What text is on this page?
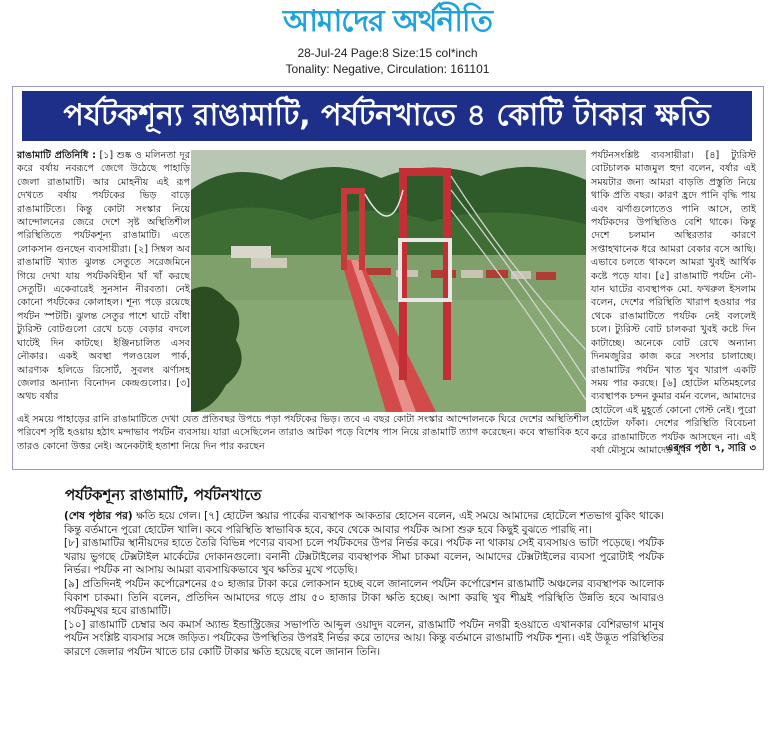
আমাদের অর্থনীতি
28-Jul-24 Page:8 Size:15 col*inch
Tonality: Negative, Circulation: 161101
পর্যটকশূন্য রাঙামাটি, পর্যটনখাতে ৪ কোটি টাকার ক্ষতি
রাঙামাটি প্রতিনিধি : [১] শুষ্ক ও মলিনতা দূর করে বর্ষায় নবরূপে জেগে উঠেছে পাহাড়ি জেলা রাঙামাটি। আর মোহনীয় এই রূপ দেখতে বর্ষায় পর্যটকের ভিড় বাড়ে রাঙামাটিতে। কিন্তু কোটা সংস্কার নিয়ে আন্দোলনের জেরে দেশে সৃষ্ট অস্থিতিশীল পরিস্থিতিতে পর্যটকশূন্য রাঙামাটি। এতে লোকসান গুনছেন ব্যবসায়ীরা। [২] সিম্বল অব রাঙামাটি খ্যাত ঝুলন্ত সেতুতে সরেজমিনে গিয়ে দেখা যায় পর্যটকবিহীন খাঁ খাঁ করছে সেতুটি। একেবারেই সুনসান নীরবতা। নেই কোনো পর্যটকের কোলাহল। শূন্য পড়ে রয়েছে পর্যটন স্পটটি। ঝুলন্ত সেতুর পাশে ঘাটে বাঁধা ট্যুরিস্ট বোটগুলো রেখে চড়ে বেড়ার বদলে ঘাটেই দিন কাটছে। ইঞ্জিনচালিত এসব নৌকার। একই অবস্থা পলওয়েল পার্ক, আরণ্যক হলিডে রিসোর্ট, সুবলং ঝর্ণাসহ জেলার অন্যান্য বিনোদন কেন্দ্রগুলোর। [৩] অথচ বর্ষার
এই সময়ে পাহাড়ের রানি রাঙামাটিতে দেখা যেত প্রতিবছর উপচে পড়া পর্যটকের ভিড়। তবে এ বছর কোটা সংস্কার আন্দোলনকে ঘিরে দেশের অস্থিতিশীল পরিবেশ সৃষ্টি হওয়ায় হঠাৎ মন্দাভাব পর্যটন ব্যবসায়। যারা এসেছিলেন তারাও আটকা পড়ে বিশেষ পাস নিয়ে রাঙামাটি ত্যাগ করেছেন। কবে স্বাভাবিক হবে তারও কোনো উত্তর নেই। অনেকটাই হতাশা নিয়ে দিন পার করছেন
পর্যটনসংশ্লিষ্ট ব্যবসায়ীরা। [৪] ট্যুরিস্ট বোটচালক মাজমুল হুদা বলেন, বর্ষার এই সময়টার জন্য আমরা বাড়তি প্রস্তুতি নিয়ে থাকি প্রতি বছর। কারণ হ্রদে পানি বৃদ্ধি পায় এবং ঝর্ণাগুলোতেও পানি আসে, তাই পর্যটকদের উপস্থিতিও বেশি থাকে। কিন্তু দেশে চলমান অস্থিরতার কারণে সপ্তাহখানেক ধরে আমরা বেকার বসে আছি। এভাবে চলতে থাকলে আমরা খুবই আর্থিক কষ্টে পড়ে যাব। [৫] রাঙামাটি পর্যটন নৌ-যান ঘাটের ব্যবস্থাপক মো. ফখরুল ইসলাম বলেন, দেশের পরিস্থিতি খারাপ হওয়ার পর থেকে রাঙামাটিতে পর্যটক নেই বললেই চলে। ট্যুরিস্ট বোট চালকরা খুবই কষ্টে দিন কাটাচ্ছে। অনেকে বোট রেখে অন্যান্য দিনমজুরির কাজ করে সংসার চালাচ্ছে। রাঙামাটির পর্যটন খাত খুব খারাপ একটি সময় পার করছে। [৬] হোটেল মতিমহলের ব্যবস্থাপক চন্দন কুমার বর্মন বলেন, আমাদের হোটেলে এই মুহূর্তে কোনো গেস্ট নেই। পুরো হোটেল ফাঁকা। দেশের পরিস্থিতি বিবেচনা করে রাঙামাটিতে পর্যটক আসছেন না। এই বর্ষা মৌসুমে আমাদের খুব
এরপর পৃষ্ঠা ৭, সারি ৩
পর্যটকশূন্য রাঙামাটি, পর্যটনখাতে

(শেষ পৃষ্ঠার পর) ক্ষতি হয়ে গেল। [৭] হোটেল স্কয়ার পার্কের ব্যবস্থাপক আকতার হোসেন বলেন, এই সময়ে আমাদের হোটেলে শতভাগ বুকিং থাকে। কিন্তু বর্তমানে পুরো হোটেল খালি। কবে পরিস্থিতি স্বাভাবিক হবে, কবে থেকে আবার পর্যটক আসা শুরু হবে কিছুই বুঝতে পারছি না।

[৮] রাঙামাটির স্থানীয়দের হাতে তৈরি বিভিন্ন পণ্যের ব্যবসা চলে পর্যটকদের উপর নির্ভর করে। পর্যটক না থাকায় সেই ব্যবসায়ও ভাটা পড়েছে। পর্যটক খরায় ভুগছে টেক্সটাইল মার্কেটের দোকানগুলো। বনানী টেক্সটাইলের ব্যবস্থাপক সীমা চাকমা বলেন, আমাদের টেক্সটাইলের ব্যবসা পুরোটাই পর্যটক নির্ভর। পর্যটক না আসায় আমরা ব্যবসায়িকভাবে খুব ক্ষতির মুখে পড়েছি।

[৯] প্রতিদিনই পর্যটন কর্পোরেশনের ৫০ হাজার টাকা করে লোকসান হচ্ছে বলে জানালেন পর্যটন কর্পোরেশন রাঙামাটি অঞ্চলের ব্যবস্থাপক আলোক বিকাশ চাকমা। তিনি বলেন, প্রতিদিন আমাদের গড়ে প্রায় ৫০ হাজার টাকা ক্ষতি হচ্ছে। আশা করছি খুব শীঘ্রই পরিস্থিতি উন্নতি হবে আবারও পর্যটকমুখর হবে রাঙামাটি।

[১০] রাঙামাটি চেম্বার অব কমার্স অ্যান্ড ইন্ডাস্ট্রিজের সভাপতি আব্দুল ওয়াদুদ বলেন, রাঙামাটি পর্যটন নগরী হওয়াতে এখানকার বেশিরভাগ মানুষ পর্যটন সংশ্লিষ্ট ব্যবসার সঙ্গে জড়িত। পর্যটকের উপস্থিতির উপরই নির্ভর করে তাদের আয়। কিন্তু বর্তমানে রাঙামাটি পর্যটক শূন্য। এই উদ্ভূত পরিস্থিতির কারণে জেলার পর্যটন খাতে চার কোটি টাকার ক্ষতি হয়েছে বলে জানান তিনি।
